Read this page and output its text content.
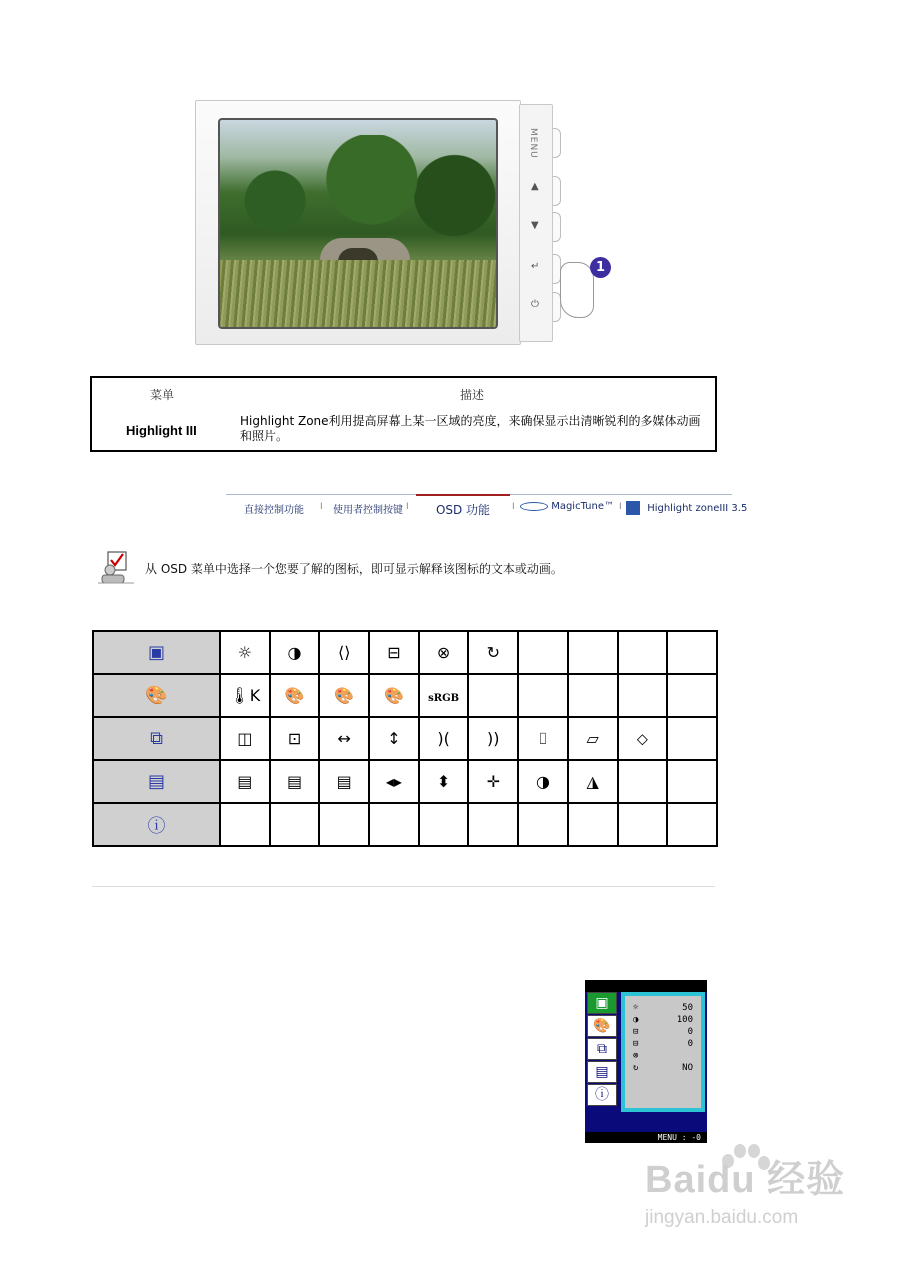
MENU
▲
▼
↵
⏻
1
菜单	描述
Highlight III
Highlight Zone利用提高屏幕上某一区域的亮度，来确保显示出清晰锐利的多媒体动画和照片。
直接控制功能 I 使用者控制按键 I	OSD 功能	I	MagicTune™ I	Highlight zoneIII 3.5
从 OSD 菜单中选择一个您要了解的图标，即可显示解释该图标的文本或动画。
▣	☼	◑	⟨⟩	⊟	⊗	↻				
🎨	🌡K	🎨	🎨	🎨	sRGB					
⧉	◫	⊡	↔	↕	)(	))	⌷	▱	⬦	
▤	▤	▤	▤	◂▸	⬍	✛	◑	◮		
ⓘ										
▣
🎨
⧉
▤
ⓘ
☼	50
◑	100
⊟	0
⊟	0
⊗
↻	NO
MENU : -0
Baidu 经验
jingyan.baidu.com
